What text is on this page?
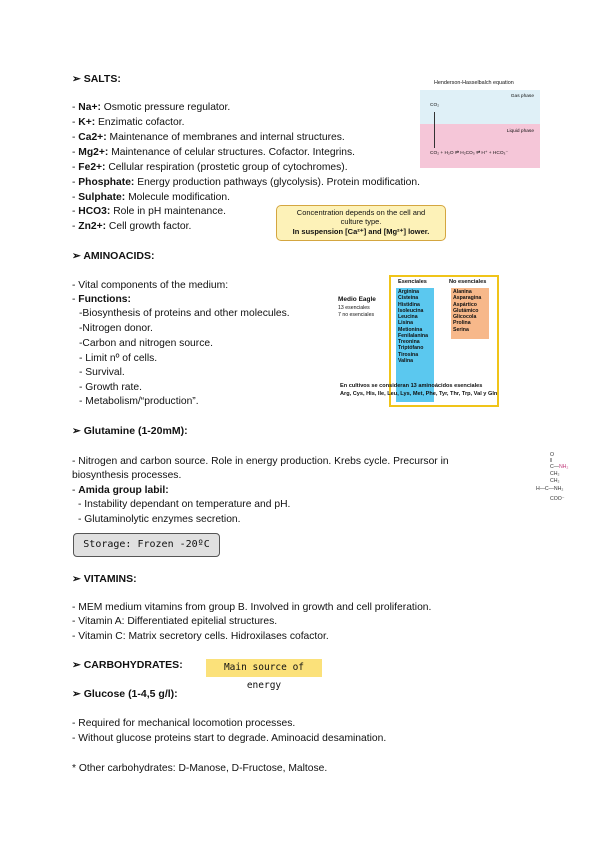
➢ SALTS:
- Na+: Osmotic pressure regulator.
- K+: Enzimatic cofactor.
- Ca2+: Maintenance of membranes and internal structures.
- Mg2+: Maintenance of celular structures. Cofactor. Integrins.
- Fe2+: Cellular respiration (prostetic group of cytochromes).
- Phosphate: Energy production pathways (glycolysis). Protein modification.
- Sulphate: Molecule modification.
- HCO3: Role in pH maintenance.
- Zn2+: Cell growth factor.
Henderson-Hasselbalch equation
Gas phase
Liquid phase
CO₂
CO₂ + H₂O ⇌ H₂CO₃ ⇌ H⁺ + HCO₃⁻
Concentration depends on the cell and
culture type.
In suspension [Ca²⁺] and [Mg²⁺] lower.
➢ AMINOACIDS:
- Vital components of the medium:
- Functions:
-Biosynthesis of proteins and other molecules.
-Nitrogen donor.
-Carbon and nitrogen source.
- Limit nº of cells.
- Survival.
- Growth rate.
- Metabolism/“production”.
Medio Eagle
13 esenciales
7 no esenciales
Esenciales	No esenciales
Arginina
Cisteina
Histidina
Isoleucina
Leucina
Lisina
Metionina
Fenilalanina
Treonina
Triptófano
Tirosina
Valina
Alanina
Asparagina
Aspártico
Glutámico
Glicocola
Prolina
Serina
En cultivos se consideran 13 aminoácidos esenciales
Arg, Cys, His, Ile, Leu, Lys, Met, Phe, Tyr, Thr, Trp, Val y Gln
➢ Glutamine (1-20mM):
- Nitrogen and carbon source. Role in energy production. Krebs cycle. Precursor in
biosynthesis processes.
- Amida group labil:
- Instability dependant on temperature and pH.
- Glutaminolytic enzymes secretion.
Storage: Frozen -20ºC
O
‖
C—NH₂
CH₂
CH₂
H—C—NH₂
COO⁻
➢ VITAMINS:
- MEM medium vitamins from group B. Involved in growth and cell proliferation.
- Vitamin A: Differentiated epitelial structures.
- Vitamin C: Matrix secretory cells. Hidroxilases cofactor.
➢ CARBOHYDRATES:	Main source of energy
➢ Glucose (1-4,5 g/l):
- Required for mechanical locomotion processes.
- Without glucose proteins start to degrade. Aminoacid desamination.
* Other carbohydrates: D-Manose, D-Fructose, Maltose.
